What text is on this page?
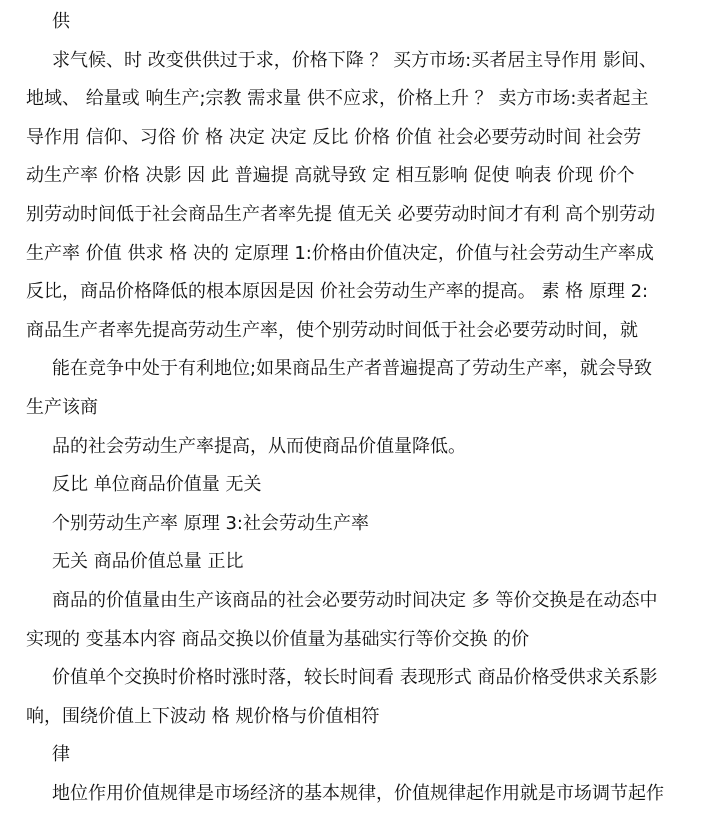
供
求气候、时 改变供供过于求，价格下降 ？ 买方市场:买者居主导作用 影间、
地域、 给量或 响生产;宗教 需求量 供不应求，价格上升 ？ 卖方市场:卖者起主
导作用 信仰、习俗 价 格 决定 决定 反比 价格 价值 社会必要劳动时间 社会劳
动生产率 价格 决影 因 此 普遍提 高就导致 定 相互影响 促使 响表 价现 价个
别劳动时间低于社会商品生产者率先提 值无关 必要劳动时间才有利 高个别劳动
生产率 价值 供求 格 决的 定原理 1:价格由价值决定，价值与社会劳动生产率成
反比，商品价格降低的根本原因是因 价社会劳动生产率的提高。 素 格 原理 2:
商品生产者率先提高劳动生产率，使个别劳动时间低于社会必要劳动时间，就
能在竞争中处于有利地位;如果商品生产者普遍提高了劳动生产率，就会导致
生产该商
品的社会劳动生产率提高，从而使商品价值量降低。
反比 单位商品价值量 无关
个别劳动生产率 原理 3:社会劳动生产率
无关 商品价值总量 正比
商品的价值量由生产该商品的社会必要劳动时间决定 多 等价交换是在动态中
实现的 变基本内容 商品交换以价值量为基础实行等价交换 的价
价值单个交换时价格时涨时落，较长时间看 表现形式 商品价格受供求关系影
响，围绕价值上下波动 格 规价格与价值相符
律
地位作用价值规律是市场经济的基本规律，价值规律起作用就是市场调节起作
